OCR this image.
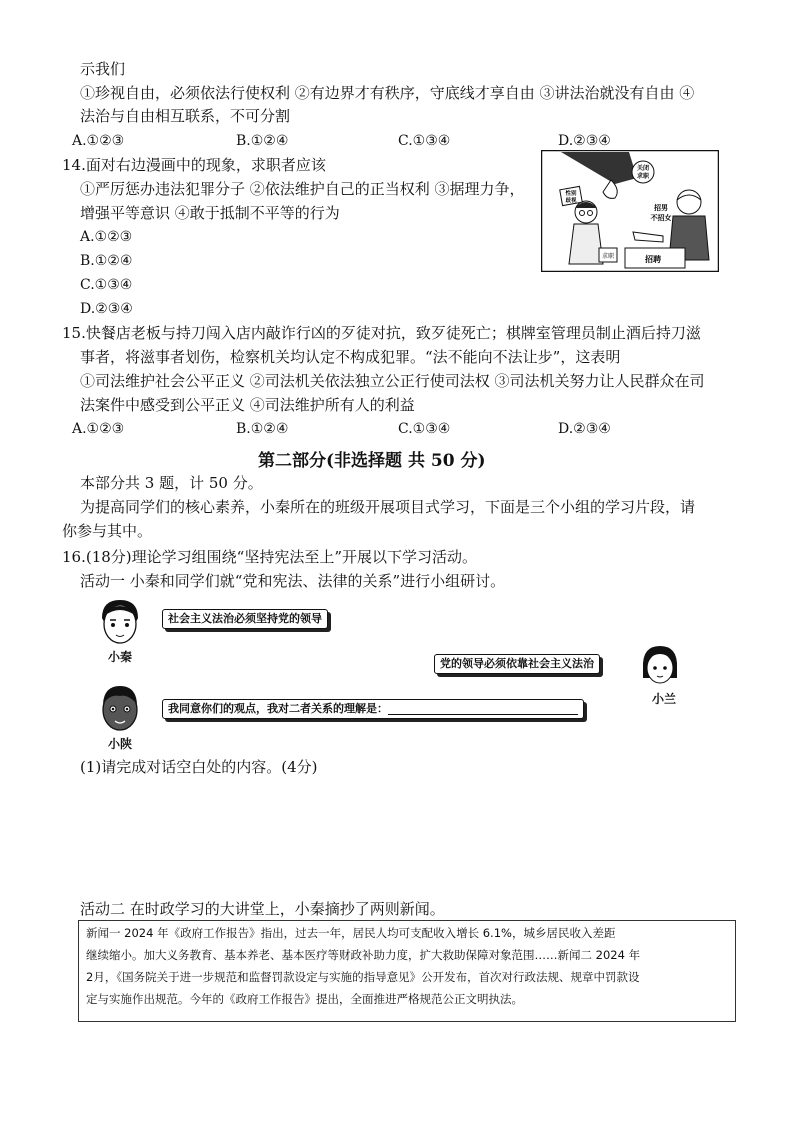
示我们
①珍视自由，必须依法行使权利 ②有边界才有秩序，守底线才享自由 ③讲法治就没有自由 ④
法治与自由相互联系，不可分割
A.①②③	B.①②④	C.①③④	D.②③④
14.面对右边漫画中的现象，求职者应该
①严厉惩办违法犯罪分子 ②依法维护自己的正当权利 ③据理力争，
增强平等意识 ④敢于抵制不平等的行为
A.①②③
B.①②④
C.①③④
D.②③④
关闭
求职
求职
性别
歧视
招男
不招女
招聘
15.快餐店老板与持刀闯入店内敲诈行凶的歹徒对抗，致歹徒死亡；棋牌室管理员制止酒后持刀滋
事者，将滋事者划伤，检察机关均认定不构成犯罪。“法不能向不法让步”，这表明
①司法维护社会公平正义 ②司法机关依法独立公正行使司法权 ③司法机关努力让人民群众在司
法案件中感受到公平正义 ④司法维护所有人的利益
A.①②③	B.①②④	C.①③④	D.②③④
第二部分(非选择题 共 50 分)
本部分共 3 题，计 50 分。
为提高同学们的核心素养，小秦所在的班级开展项目式学习，下面是三个小组的学习片段，请
你参与其中。
16.(18分)理论学习组围绕“坚持宪法至上”开展以下学习活动。
活动一 小秦和同学们就“党和宪法、法律的关系”进行小组研讨。
小秦
社会主义法治必须坚持党的领导
党的领导必须依靠社会主义法治
小兰
小陕
我同意你们的观点，我对二者关系的理解是：
(1)请完成对话空白处的内容。(4分)
活动二 在时政学习的大讲堂上，小秦摘抄了两则新闻。
新闻一 2024 年《政府工作报告》指出，过去一年，居民人均可支配收入增长 6.1%，城乡居民收入差距
继续缩小。加大义务教育、基本养老、基本医疗等财政补助力度，扩大救助保障对象范围……新闻二 2024 年
2月，《国务院关于进一步规范和监督罚款设定与实施的指导意见》公开发布，首次对行政法规、规章中罚款设
定与实施作出规范。今年的《政府工作报告》提出，全面推进严格规范公正文明执法。
